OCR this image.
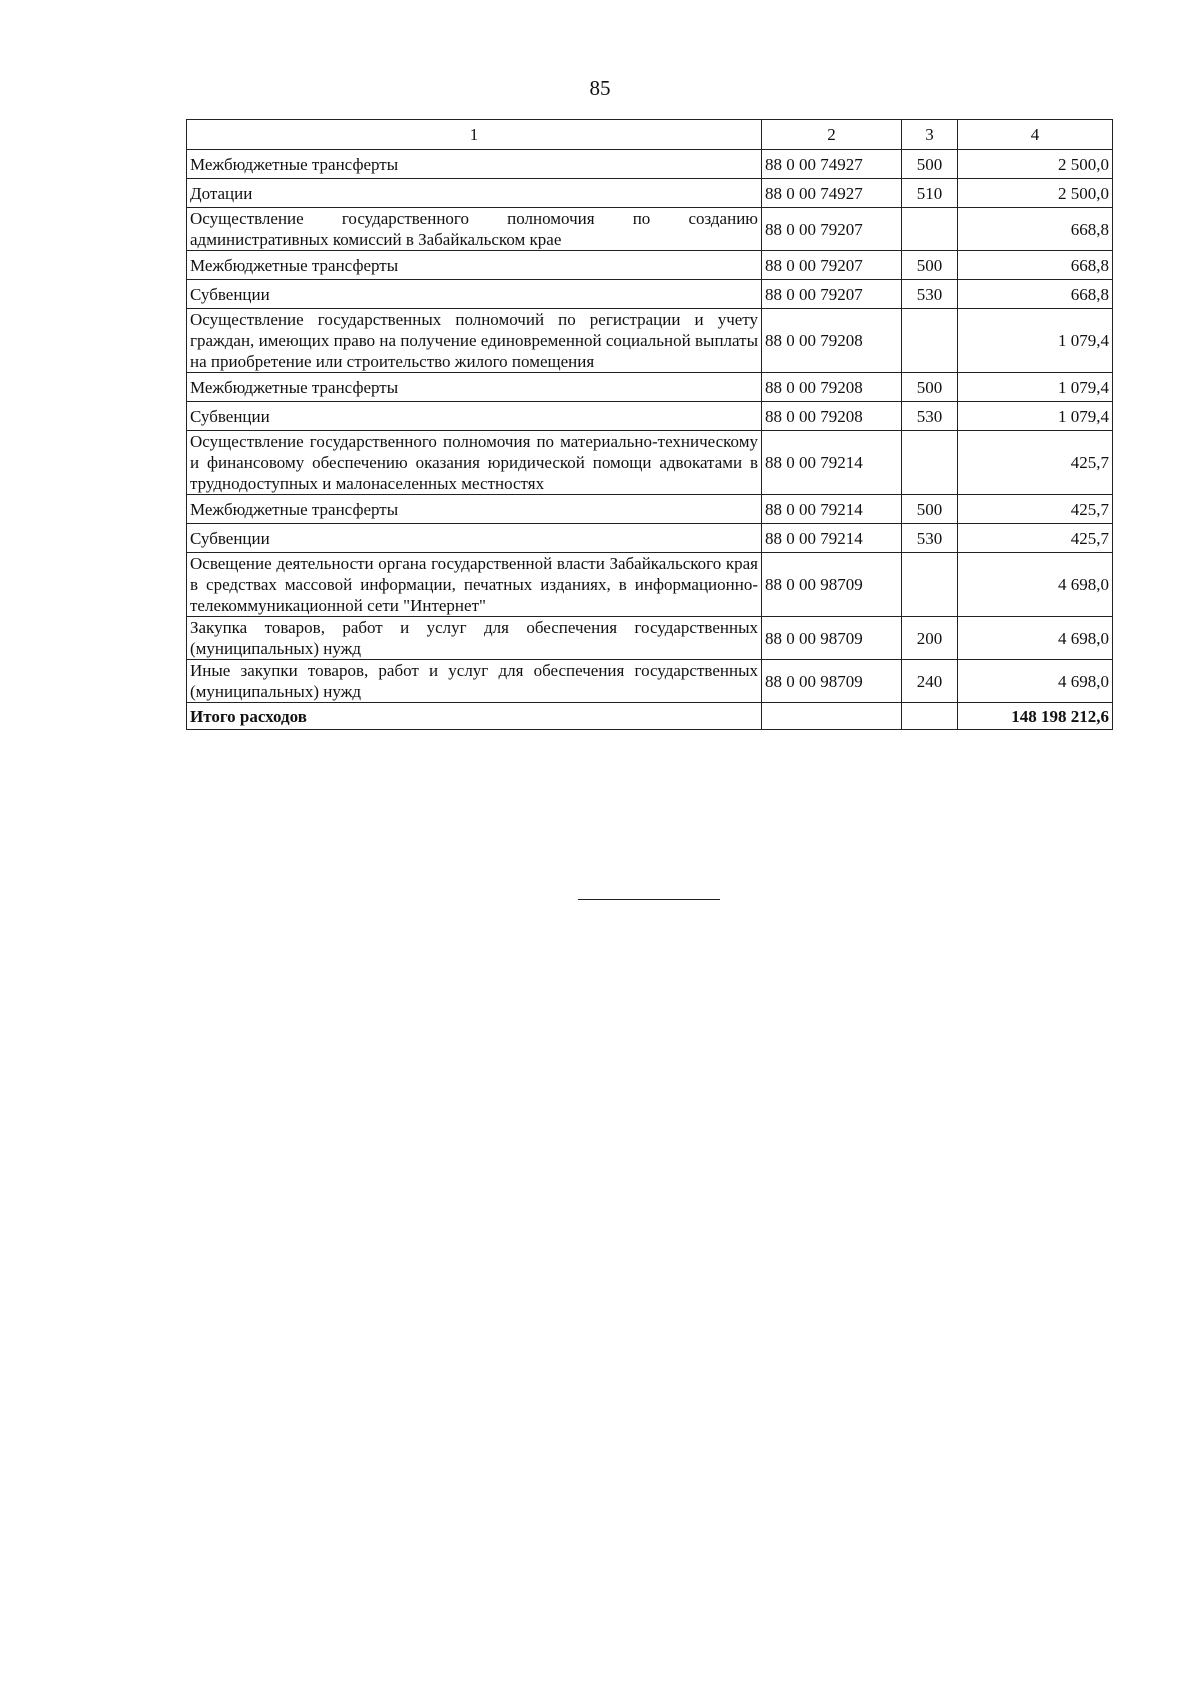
85
1	2	3	4
Межбюджетные трансферты	88 0 00 74927	500	2 500,0
Дотации	88 0 00 74927	510	2 500,0
Осуществление государственного полномочия по созданию административных комиссий в Забайкальском крае	88 0 00 79207		668,8
Межбюджетные трансферты	88 0 00 79207	500	668,8
Субвенции	88 0 00 79207	530	668,8
Осуществление государственных полномочий по регистрации и учету граждан, имеющих право на получение единовременной социальной выплаты на приобретение или строительство жилого помещения	88 0 00 79208		1 079,4
Межбюджетные трансферты	88 0 00 79208	500	1 079,4
Субвенции	88 0 00 79208	530	1 079,4
Осуществление государственного полномочия по материально-техническому и финансовому обеспечению оказания юридической помощи адвокатами в труднодоступных и малонаселенных местностях	88 0 00 79214		425,7
Межбюджетные трансферты	88 0 00 79214	500	425,7
Субвенции	88 0 00 79214	530	425,7
Освещение деятельности органа государственной власти Забайкальского края в средствах массовой информации, печатных изданиях, в информационно-телекоммуникационной сети "Интернет"	88 0 00 98709		4 698,0
Закупка товаров, работ и услуг для обеспечения государственных (муниципальных) нужд	88 0 00 98709	200	4 698,0
Иные закупки товаров, работ и услуг для обеспечения государственных (муниципальных) нужд	88 0 00 98709	240	4 698,0
Итого расходов			148 198 212,6
